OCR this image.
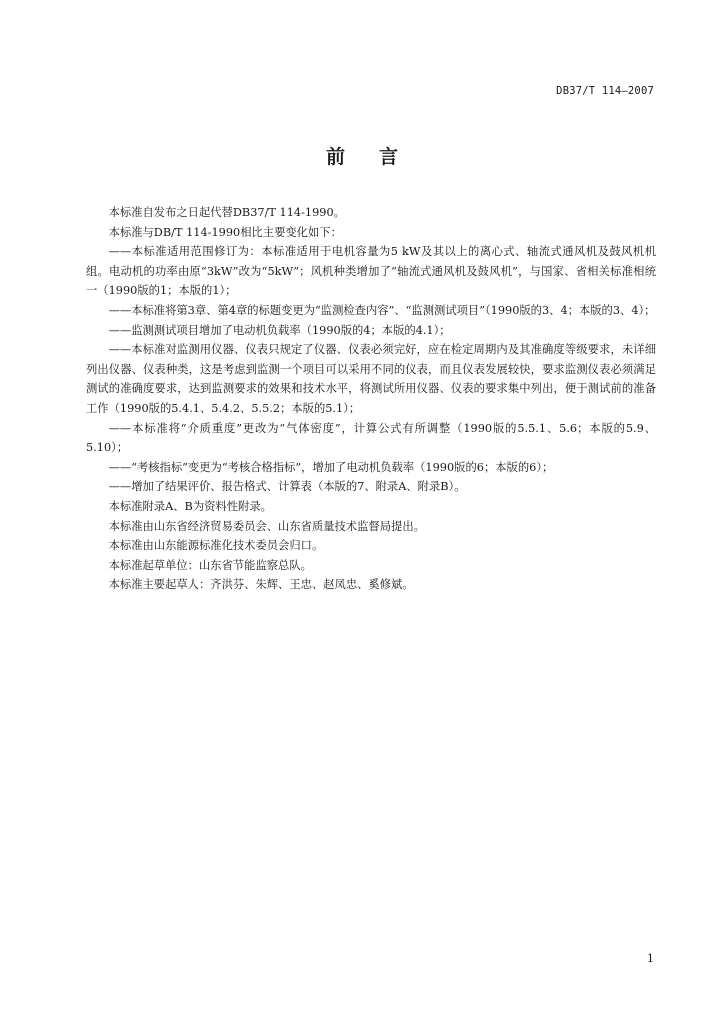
DB37/T 114—2007
前言

本标准自发布之日起代替DB37/T 114-1990。

本标准与DB/T 114-1990相比主要变化如下：

——本标准适用范围修订为：本标准适用于电机容量为5 kW及其以上的离心式、轴流式通风机及鼓风机机组。电动机的功率由原“3kW”改为“5kW”；风机种类增加了“轴流式通风机及鼓风机”，与国家、省相关标准相统一（1990版的1；本版的1）；

——本标准将第3章、第4章的标题变更为“监测检查内容”、“监测测试项目”（1990版的3、4；本版的3、4）；

——监测测试项目增加了电动机负载率（1990版的4；本版的4.1）；

——本标准对监测用仪器、仪表只规定了仪器、仪表必须完好，应在检定周期内及其准确度等级要求，未详细列出仪器、仪表种类，这是考虑到监测一个项目可以采用不同的仪表，而且仪表发展较快，要求监测仪表必须满足测试的准确度要求，达到监测要求的效果和技术水平，将测试所用仪器、仪表的要求集中列出，便于测试前的准备工作（1990版的5.4.1、5.4.2、5.5.2；本版的5.1）；

——本标准将“介质重度”更改为“气体密度”，计算公式有所调整（1990版的5.5.1、5.6；本版的5.9、5.10）；

——“考核指标”变更为“考核合格指标”，增加了电动机负载率（1990版的6；本版的6）；

——增加了结果评价、报告格式、计算表（本版的7、附录A、附录B）。

本标准附录A、B为资料性附录。

本标准由山东省经济贸易委员会、山东省质量技术监督局提出。

本标准由山东能源标准化技术委员会归口。

本标准起草单位：山东省节能监察总队。

本标准主要起草人：齐洪芬、朱辉、王忠、赵凤忠、奚修斌。

1
